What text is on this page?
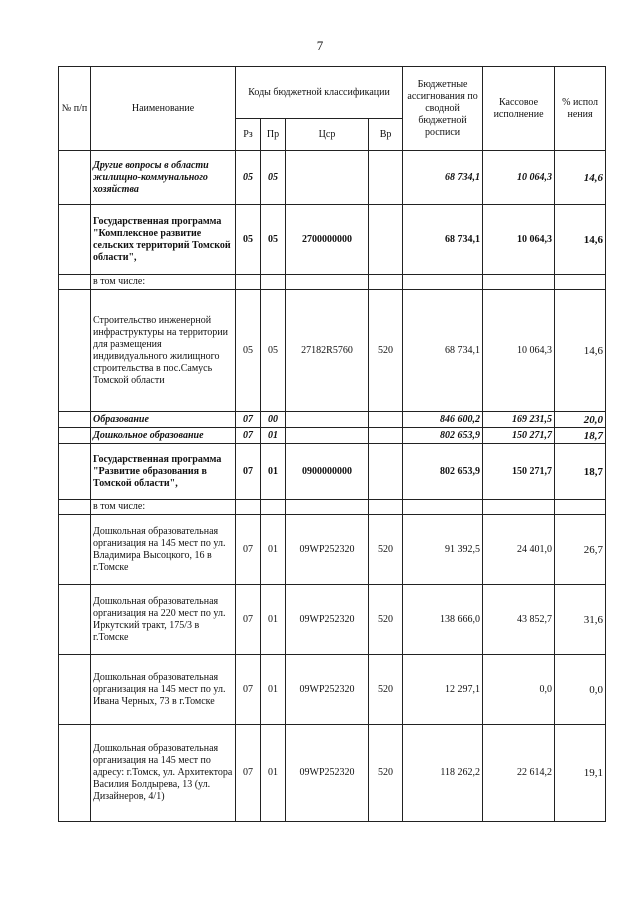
7
№ п/п	Наименование	Коды бюджетной классификации				Бюджетные ассигнования по сводной бюджетной росписи	Кассовое исполнение	% испол нения
		Рз	Пр	Цср	Вр			
	Другие вопросы в области жилищно-коммунального хозяйства	05	05			68 734,1	10 064,3	14,6
	Государственная программа "Комплексное развитие сельских территорий Томской области",	05	05	2700000000		68 734,1	10 064,3	14,6
	в том числе:							
	Строительство инженерной инфраструктуры на территории для размещения индивидуального жилищного строительства в пос.Самусь Томской области	05	05	27182R5760	520	68 734,1	10 064,3	14,6
	Образование	07	00			846 600,2	169 231,5	20,0
	Дошкольное образование	07	01			802 653,9	150 271,7	18,7
	Государственная программа "Развитие образования в Томской области",	07	01	0900000000		802 653,9	150 271,7	18,7
	в том числе:							
	Дошкольная образовательная организация на 145 мест по ул. Владимира Высоцкого, 16 в г.Томске	07	01	09WP252320	520	91 392,5	24 401,0	26,7
	Дошкольная образовательная организация на 220 мест по ул. Иркутский тракт, 175/3 в г.Томске	07	01	09WP252320	520	138 666,0	43 852,7	31,6
	Дошкольная образовательная организация на 145 мест по ул. Ивана Черных, 73 в г.Томске	07	01	09WP252320	520	12 297,1	0,0	0,0
	Дошкольная образовательная организация на 145 мест по адресу: г.Томск, ул. Архитектора Василия Болдырева, 13 (ул. Дизайнеров, 4/1)	07	01	09WP252320	520	118 262,2	22 614,2	19,1
